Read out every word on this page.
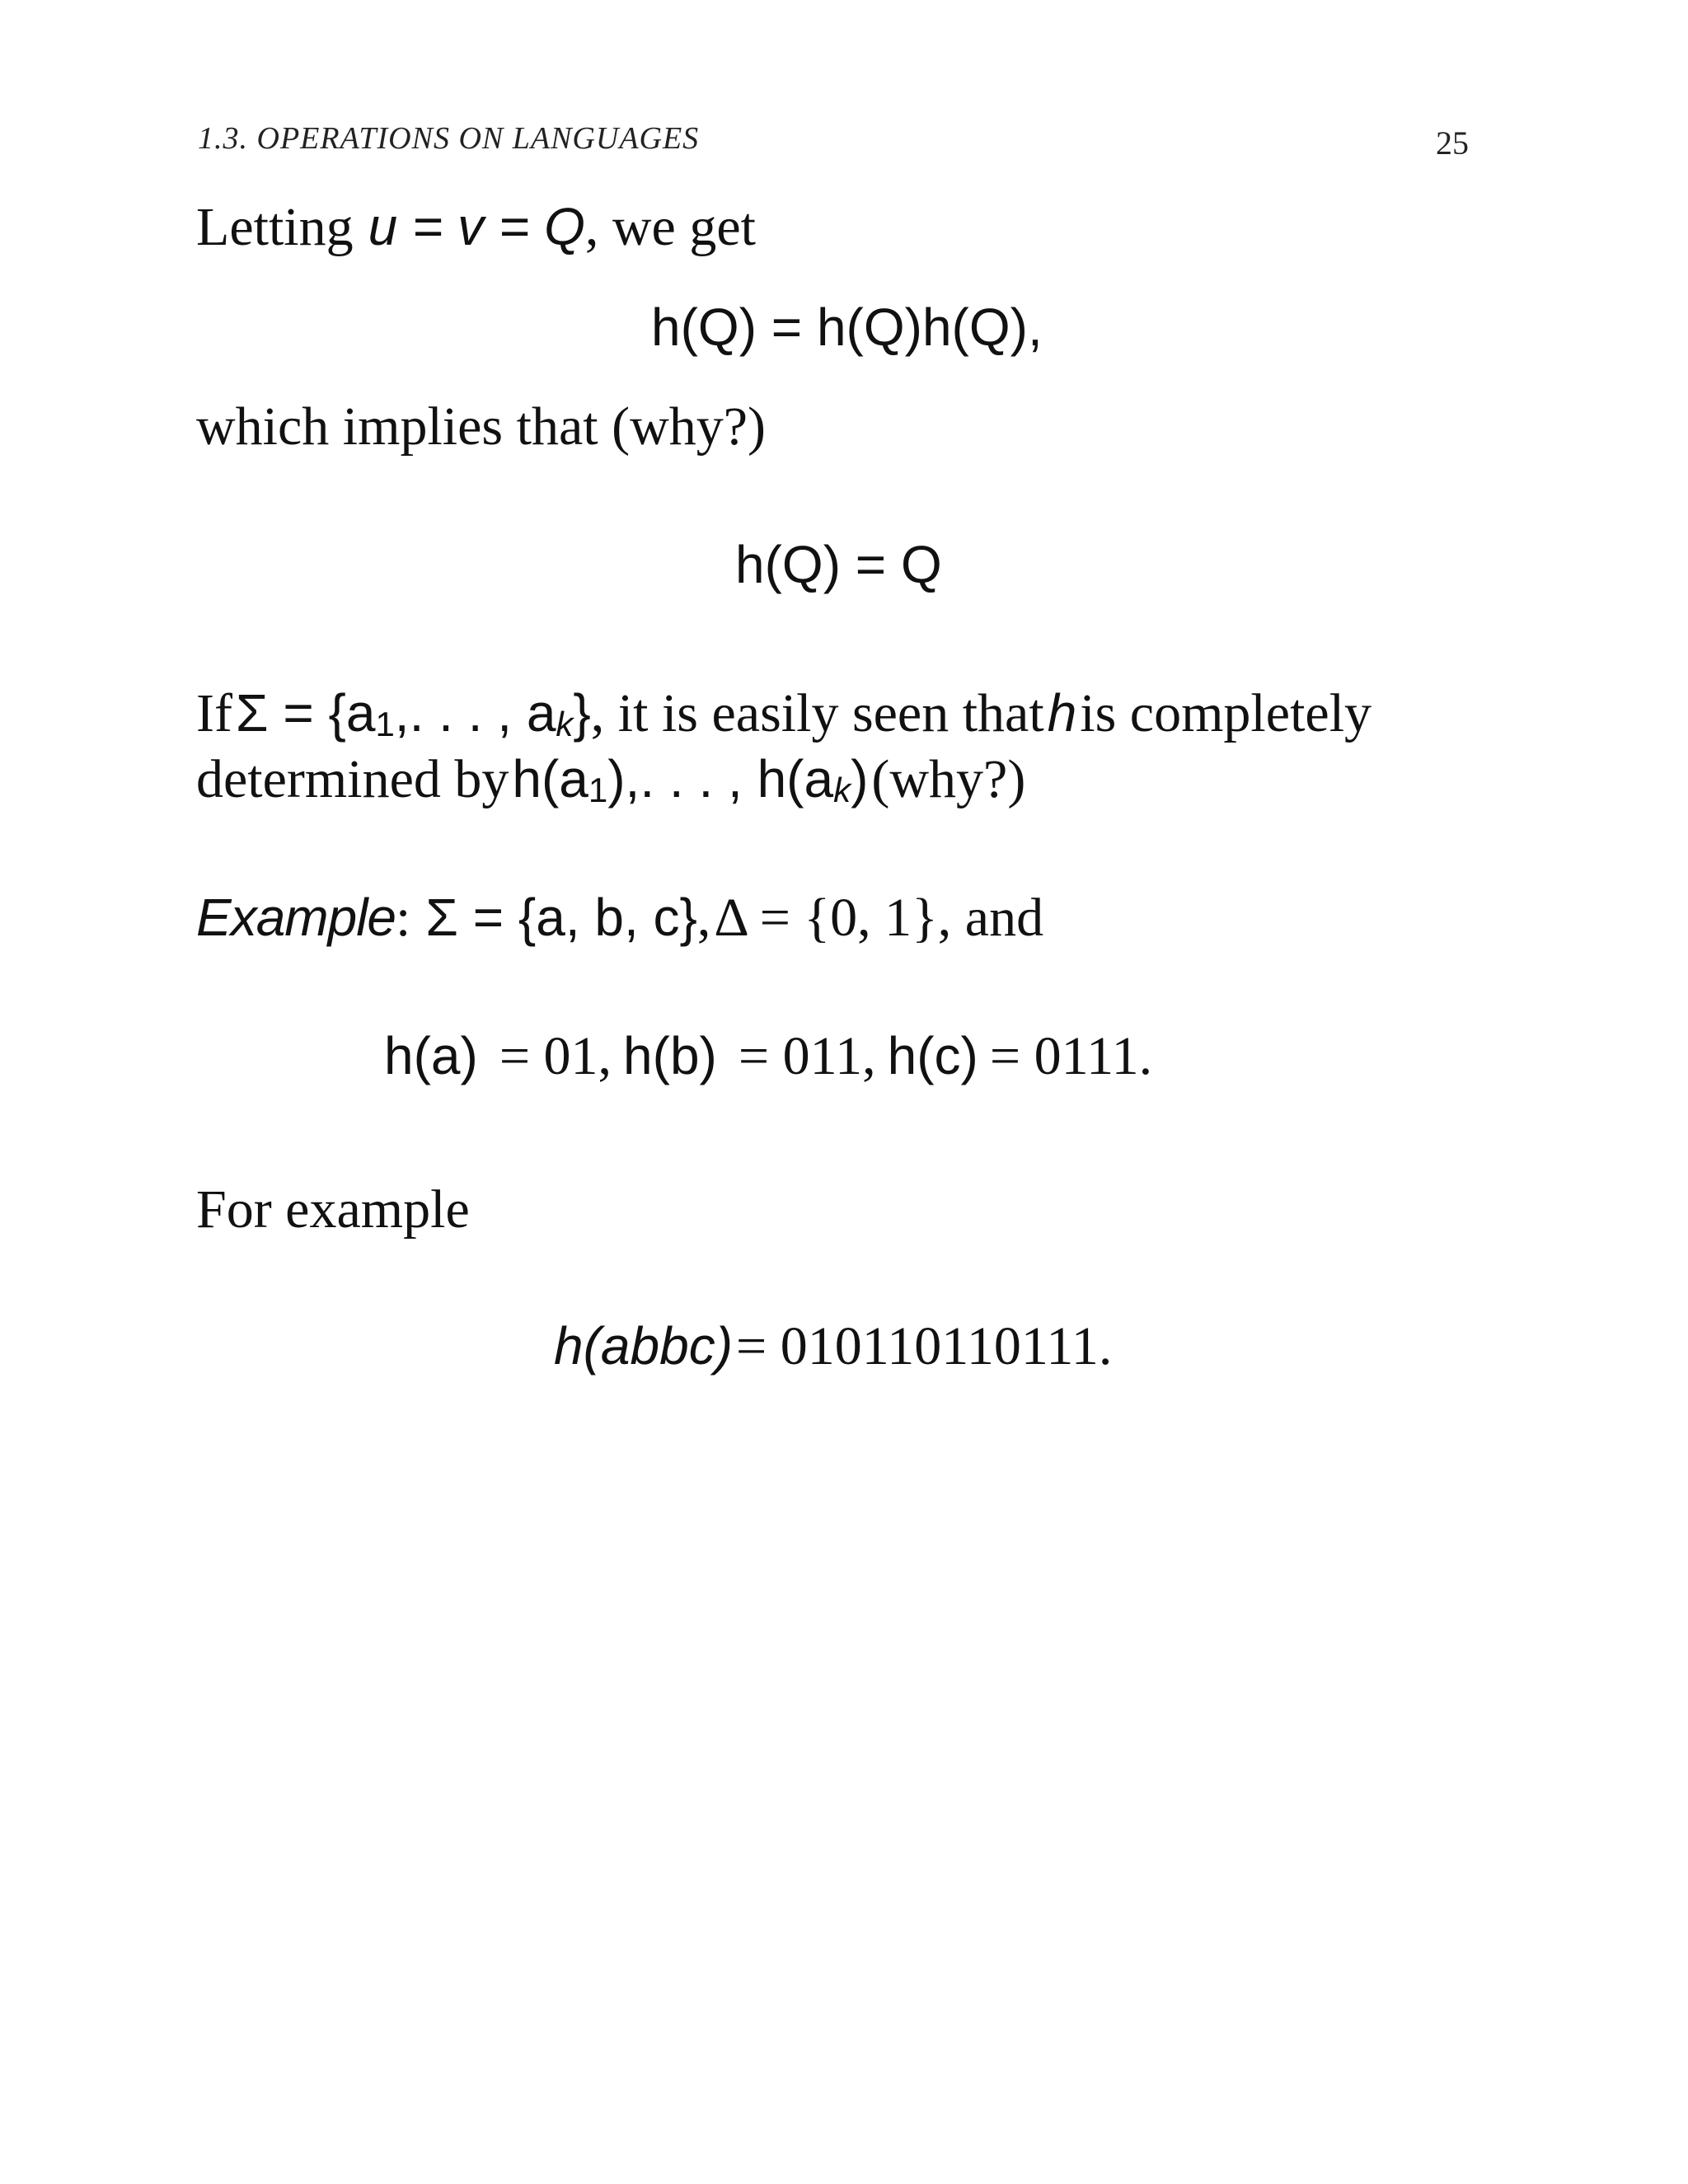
1.3. OPERATIONS ON LANGUAGES	25
Letting u = v = Q, we get
h(Q) = h(Q)h(Q),
which implies that (why?)
h(Q) = Q
If Σ = {a1,. . . , ak}, it is easily seen that h is completely
determined by h(a1),. . . , h(ak) (why?)
Example: Σ = {a, b, c}, Δ = {0, 1}, and
h(a) = 01, h(b) = 011, h(c) = 0111.
For example
h(abbc) = 010110110111.
